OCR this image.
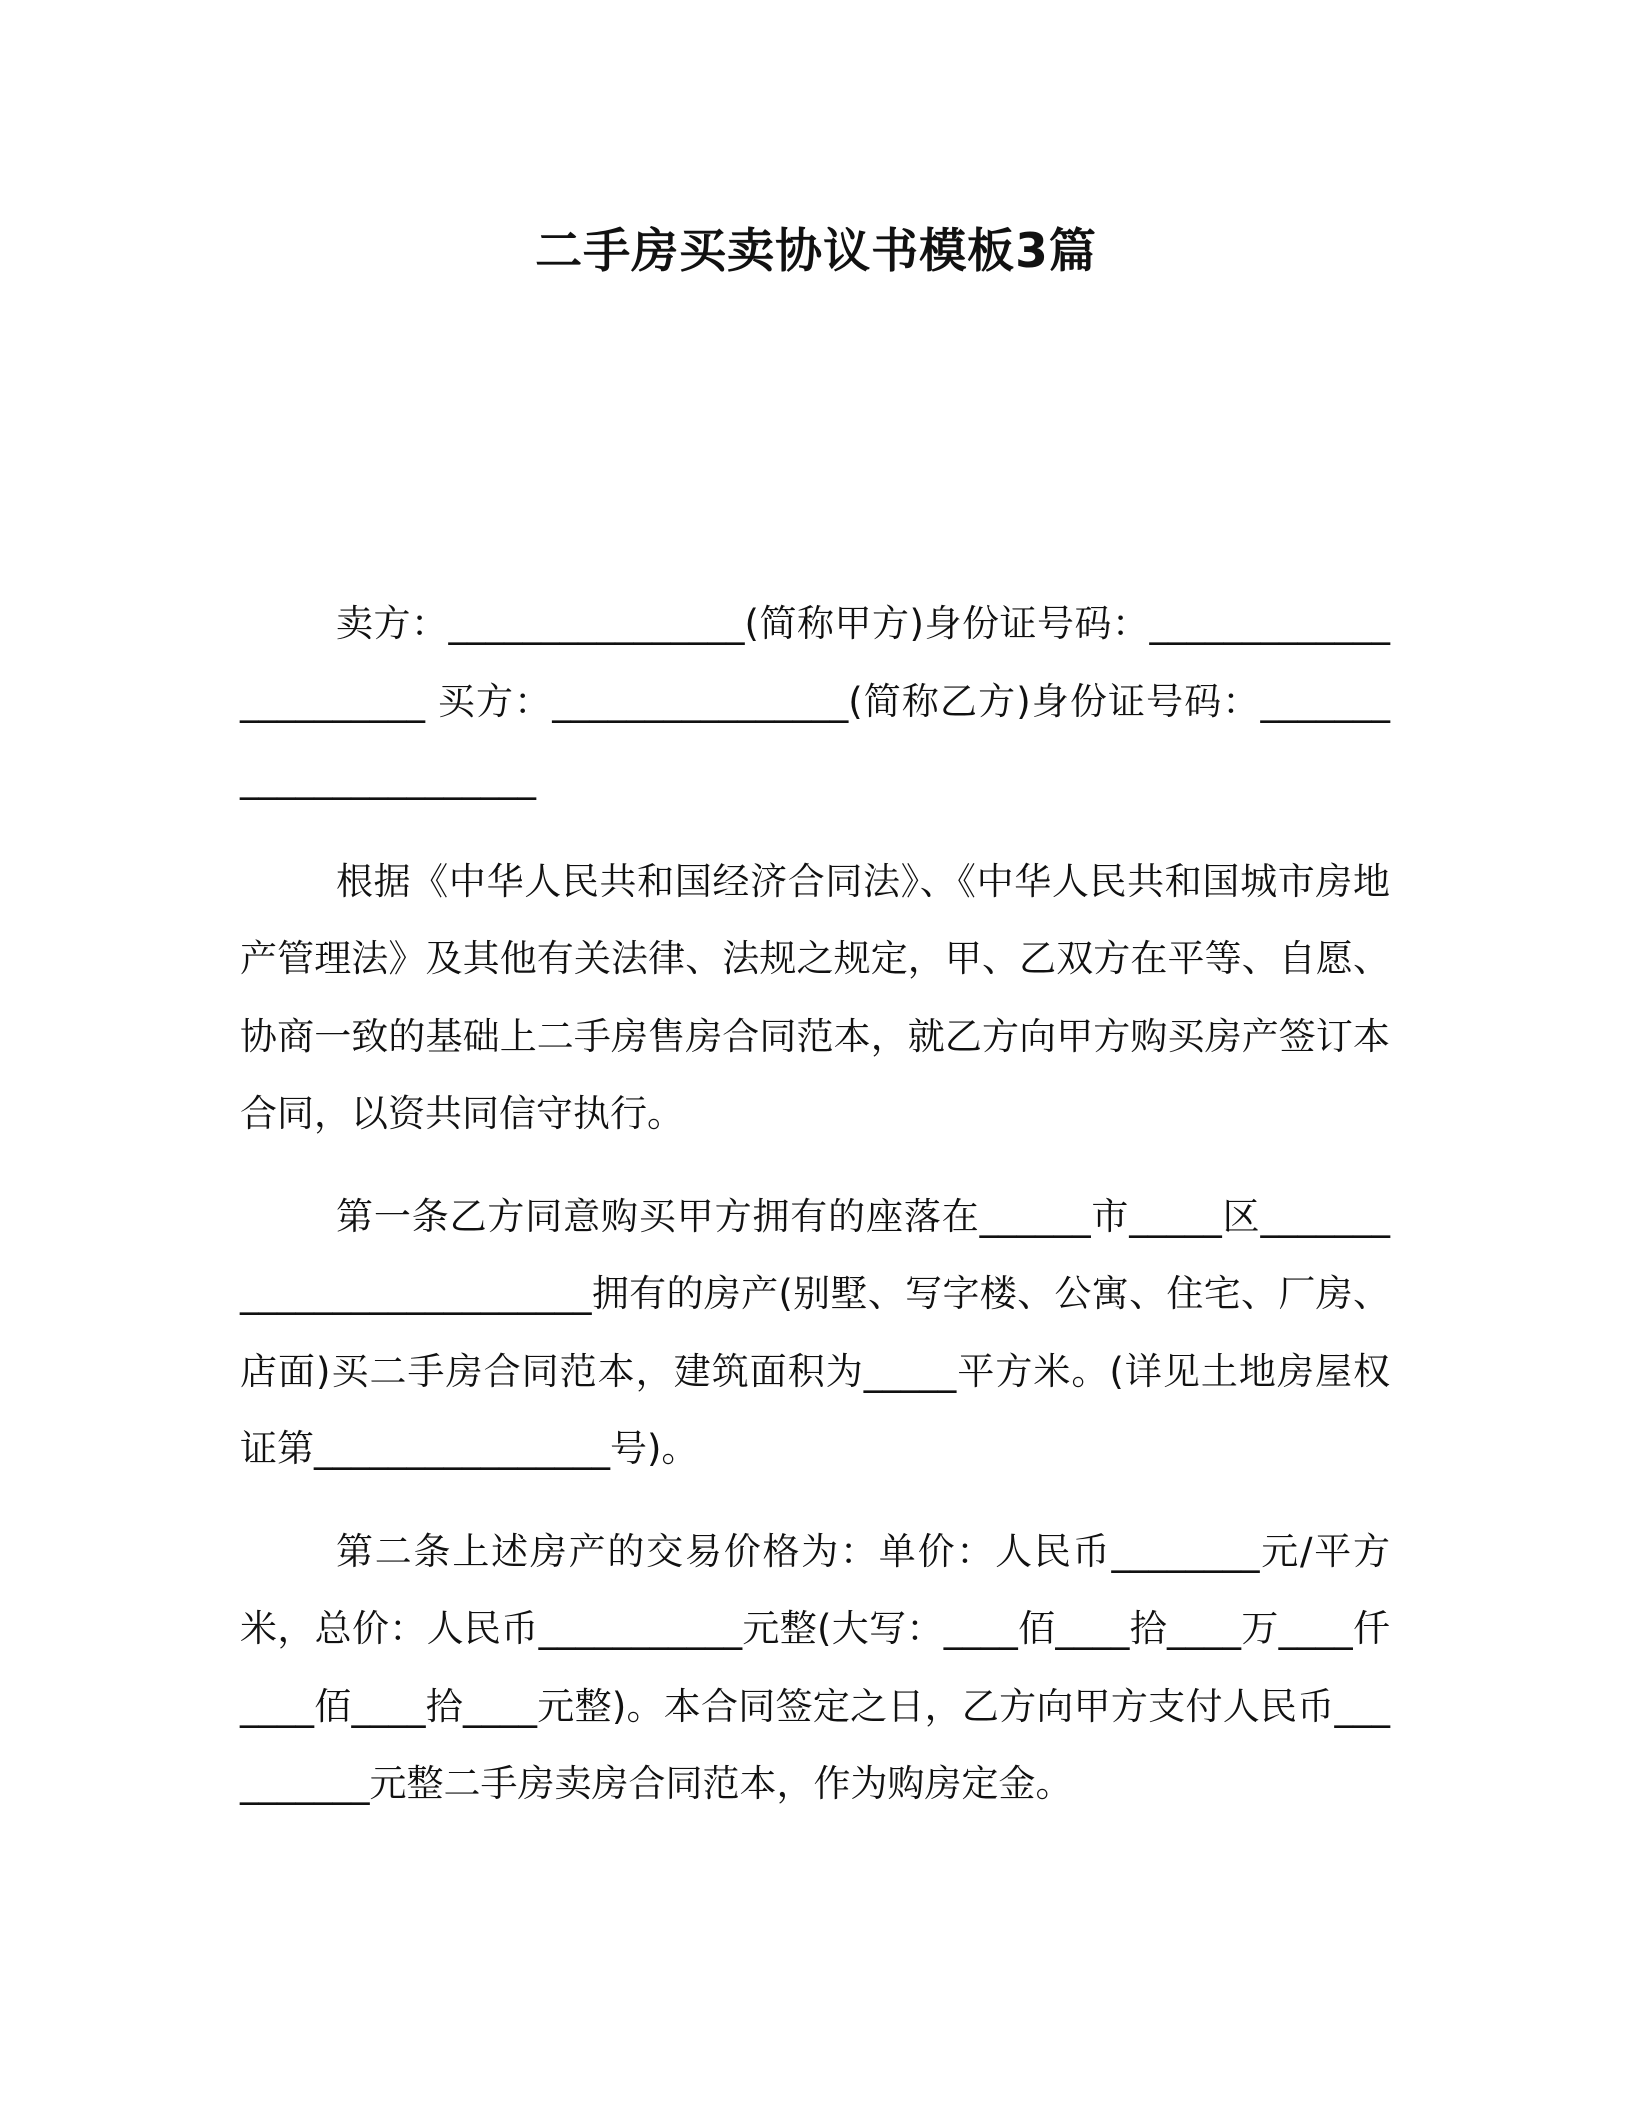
二手房买卖协议书模板3篇

卖方：________________(简称甲方)身份证号码：_______________________ 买方：________________(简称乙方)身份证号码：_______________________

根据《中华人民共和国经济合同法》、《中华人民共和国城市房地产管理法》及其他有关法律、法规之规定，甲、乙双方在平等、自愿、协商一致的基础上二手房售房合同范本，就乙方向甲方购买房产签订本合同，以资共同信守执行。

第一条乙方同意购买甲方拥有的座落在______市_____区__________________________拥有的房产(别墅、写字楼、公寓、住宅、厂房、店面)买二手房合同范本，建筑面积为_____平方米。(详见土地房屋权证第________________号)。

第二条上述房产的交易价格为：单价：人民币________元/平方米，总价：人民币___________元整(大写：____佰____拾____万____仟____佰____拾____元整)。本合同签定之日，乙方向甲方支付人民币__________元整二手房卖房合同范本，作为购房定金。
